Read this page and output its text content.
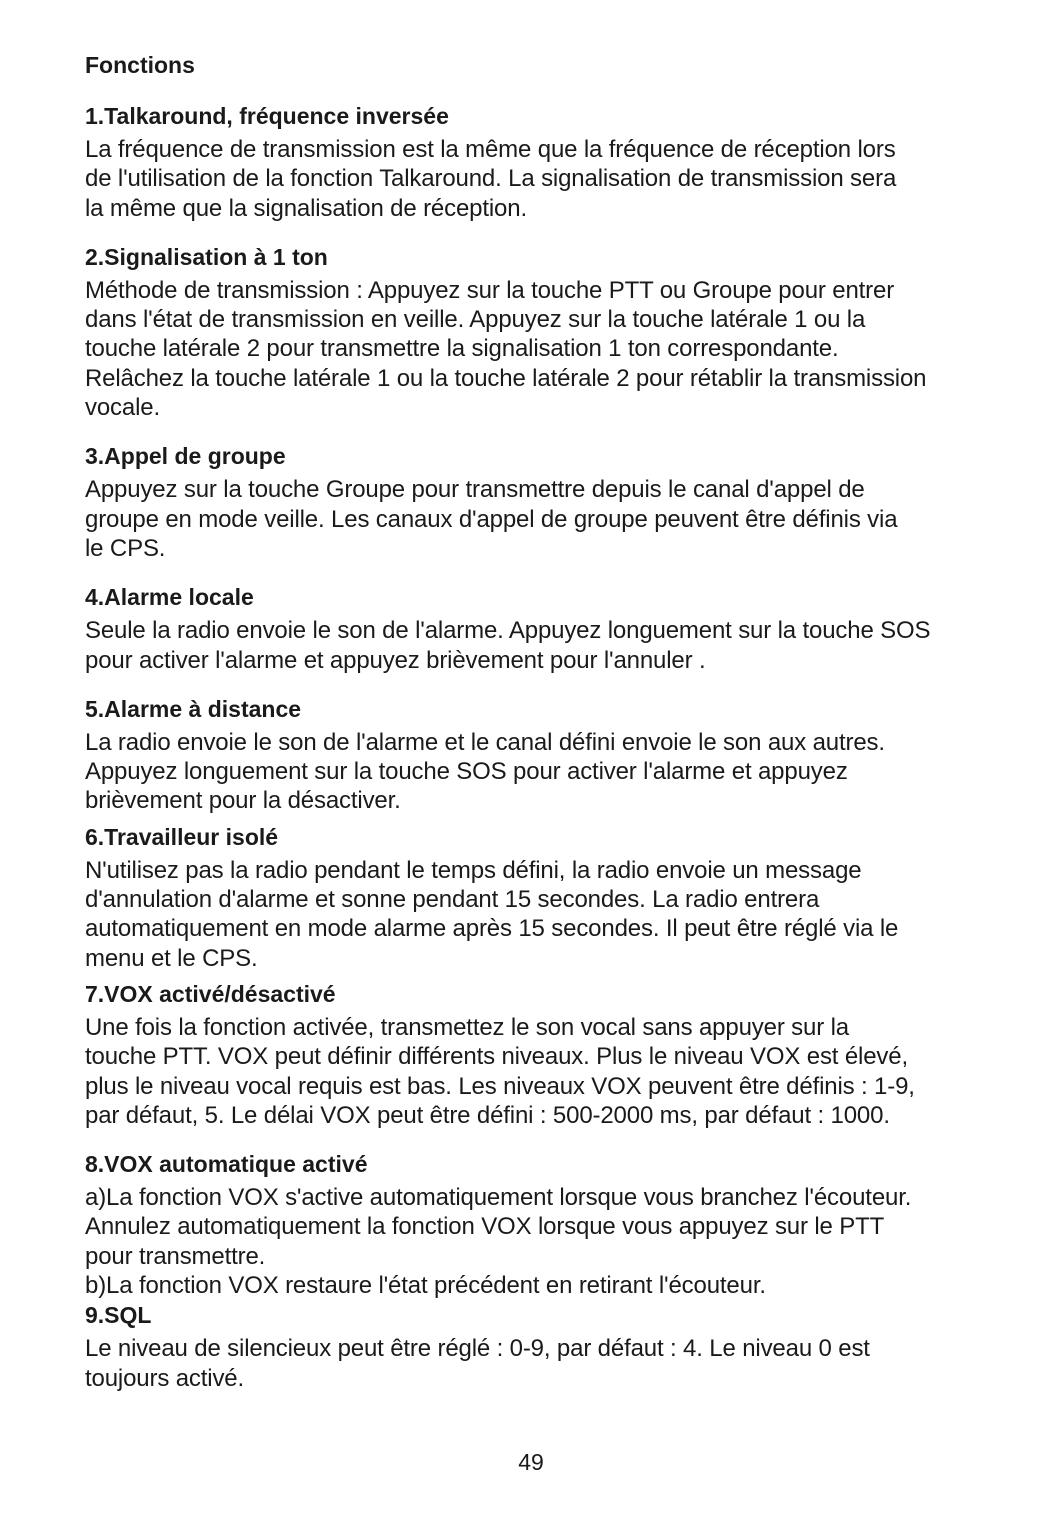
Fonctions
1.Talkaround, fréquence inversée

La fréquence de transmission est la même que la fréquence de réception lors
de l'utilisation de la fonction Talkaround. La signalisation de transmission sera
la même que la signalisation de réception.

2.Signalisation à 1 ton

Méthode de transmission : Appuyez sur la touche PTT ou Groupe pour entrer
dans l'état de transmission en veille. Appuyez sur la touche latérale 1 ou la
touche latérale 2 pour transmettre la signalisation 1 ton correspondante.
Relâchez la touche latérale 1 ou la touche latérale 2 pour rétablir la transmission
vocale.

3.Appel de groupe

Appuyez sur la touche Groupe pour transmettre depuis le canal d'appel de
groupe en mode veille. Les canaux d'appel de groupe peuvent être définis via
le CPS.

4.Alarme locale

Seule la radio envoie le son de l'alarme. Appuyez longuement sur la touche SOS
pour activer l'alarme et appuyez brièvement pour l'annuler .

5.Alarme à distance

La radio envoie le son de l'alarme et le canal défini envoie le son aux autres.
Appuyez longuement sur la touche SOS pour activer l'alarme et appuyez
brièvement pour la désactiver.

6.Travailleur isolé

N'utilisez pas la radio pendant le temps défini, la radio envoie un message
d'annulation d'alarme et sonne pendant 15 secondes. La radio entrera
automatiquement en mode alarme après 15 secondes. Il peut être réglé via le
menu et le CPS.

7.VOX activé/désactivé

Une fois la fonction activée, transmettez le son vocal sans appuyer sur la
touche PTT. VOX peut définir différents niveaux. Plus le niveau VOX est élevé,
plus le niveau vocal requis est bas. Les niveaux VOX peuvent être définis : 1-9,
par défaut, 5. Le délai VOX peut être défini : 500-2000 ms, par défaut : 1000.

8.VOX automatique activé

a)La fonction VOX s'active automatiquement lorsque vous branchez l'écouteur.
Annulez automatiquement la fonction VOX lorsque vous appuyez sur le PTT
pour transmettre.
b)La fonction VOX restaure l'état précédent en retirant l'écouteur.

9.SQL

Le niveau de silencieux peut être réglé : 0-9, par défaut : 4. Le niveau 0 est
toujours activé.

49
